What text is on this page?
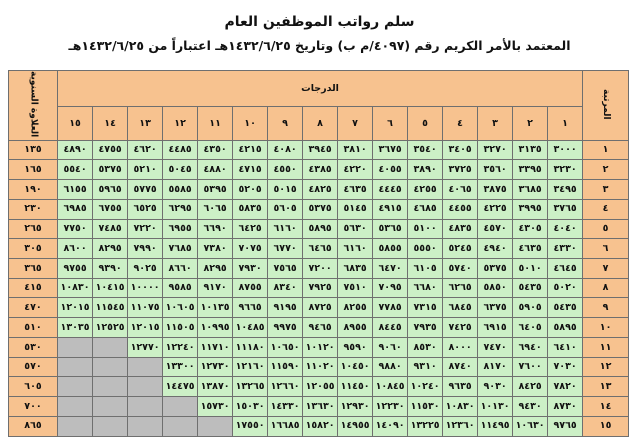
سلم رواتب الموظفين العام
المعتمد بالأمر الكريم رقم (٤٠٩٧/م ب) وتاريخ ١٤٣٢/٦/٢٥هـ اعتباراً من ١٤٣٢/٦/٢٥هـ
المرتبة	الدرجات															العلاوة السنوية
	١	٢	٣	٤	٥	٦	٧	٨	٩	١٠	١١	١٢	١٣	١٤	١٥	
١	٣٠٠٠	٣١٣٥	٣٢٧٠	٣٤٠٥	٣٥٤٠	٣٦٧٥	٣٨١٠	٣٩٤٥	٤٠٨٠	٤٢١٥	٤٣٥٠	٤٤٨٥	٤٦٢٠	٤٧٥٥	٤٨٩٠	١٣٥
٢	٣٢٣٠	٣٣٩٥	٣٥٦٠	٣٧٢٥	٣٨٩٠	٤٠٥٥	٤٢٢٠	٤٣٨٥	٤٥٥٠	٤٧١٥	٤٨٨٠	٥٠٤٥	٥٢١٠	٥٣٧٥	٥٥٤٠	١٦٥
٣	٣٤٩٥	٣٦٨٥	٣٨٧٥	٤٠٦٥	٤٢٥٥	٤٤٤٥	٤٦٣٥	٤٨٢٥	٥٠١٥	٥٢٠٥	٥٣٩٥	٥٥٨٥	٥٧٧٥	٥٩٦٥	٦١٥٥	١٩٠
٤	٣٧٦٥	٣٩٩٥	٤٢٢٥	٤٤٥٥	٤٦٨٥	٤٩١٥	٥١٤٥	٥٣٧٥	٥٦٠٥	٥٨٣٥	٦٠٦٥	٦٢٩٥	٦٥٢٥	٦٧٥٥	٦٩٨٥	٢٣٠
٥	٤٠٤٠	٤٣٠٥	٤٥٧٠	٤٨٣٥	٥١٠٠	٥٣٦٥	٥٦٣٠	٥٨٩٥	٦١٦٠	٦٤٢٥	٦٦٩٠	٦٩٥٥	٧٢٢٠	٧٤٨٥	٧٧٥٠	٢٦٥
٦	٤٣٣٠	٤٦٣٥	٤٩٤٠	٥٢٤٥	٥٥٥٠	٥٨٥٥	٦١٦٠	٦٤٦٥	٦٧٧٠	٧٠٧٥	٧٣٨٠	٧٦٨٥	٧٩٩٠	٨٢٩٥	٨٦٠٠	٣٠٥
٧	٤٦٤٥	٥٠١٠	٥٣٧٥	٥٧٤٠	٦١٠٥	٦٤٧٠	٦٨٣٥	٧٢٠٠	٧٥٦٥	٧٩٣٠	٨٢٩٥	٨٦٦٠	٩٠٢٥	٩٣٩٠	٩٧٥٥	٣٦٥
٨	٥٠٢٠	٥٤٣٥	٥٨٥٠	٦٢٦٥	٦٦٨٠	٧٠٩٥	٧٥١٠	٧٩٢٥	٨٣٤٠	٨٧٥٥	٩١٧٠	٩٥٨٥	١٠٠٠٠	١٠٤١٥	١٠٨٣٠	٤١٥
٩	٥٤٣٥	٥٩٠٥	٦٣٧٥	٦٨٤٥	٧٣١٥	٧٧٨٥	٨٢٥٥	٨٧٢٥	٩١٩٥	٩٦٦٥	١٠١٣٥	١٠٦٠٥	١١٠٧٥	١١٥٤٥	١٢٠١٥	٤٧٠
١٠	٥٨٩٥	٦٤٠٥	٦٩١٥	٧٤٢٥	٧٩٣٥	٨٤٤٥	٨٩٥٥	٩٤٦٥	٩٩٧٥	١٠٤٨٥	١٠٩٩٥	١١٥٠٥	١٢٠١٥	١٢٥٢٥	١٣٠٣٥	٥١٠
١١	٦٤١٠	٦٩٤٠	٧٤٧٠	٨٠٠٠	٨٥٣٠	٩٠٦٠	٩٥٩٠	١٠١٢٠	١٠٦٥٠	١١١٨٠	١١٧١٠	١٢٢٤٠	١٢٧٧٠			٥٣٠
١٢	٧٠٣٠	٧٦٠٠	٨١٧٠	٨٧٤٠	٩٣١٠	٩٨٨٠	١٠٤٥٠	١١٠٢٠	١١٥٩٠	١٢١٦٠	١٢٧٣٠	١٣٣٠٠				٥٧٠
١٣	٧٨٢٠	٨٤٢٥	٩٠٣٠	٩٦٣٥	١٠٢٤٠	١٠٨٤٥	١١٤٥٠	١٢٠٥٥	١٢٦٦٠	١٣٢٦٥	١٣٨٧٠	١٤٤٧٥				٦٠٥
١٤	٨٧٣٠	٩٤٣٠	١٠١٣٠	١٠٨٣٠	١١٥٣٠	١٢٢٣٠	١٢٩٣٠	١٣٦٣٠	١٤٣٣٠	١٥٠٣٠	١٥٧٣٠					٧٠٠
١٥	٩٧٦٥	١٠٦٣٠	١١٤٩٥	١٢٣٦٠	١٣٢٢٥	١٤٠٩٠	١٤٩٥٥	١٥٨٢٠	١٦٦٨٥	١٧٥٥٠						٨٦٥
